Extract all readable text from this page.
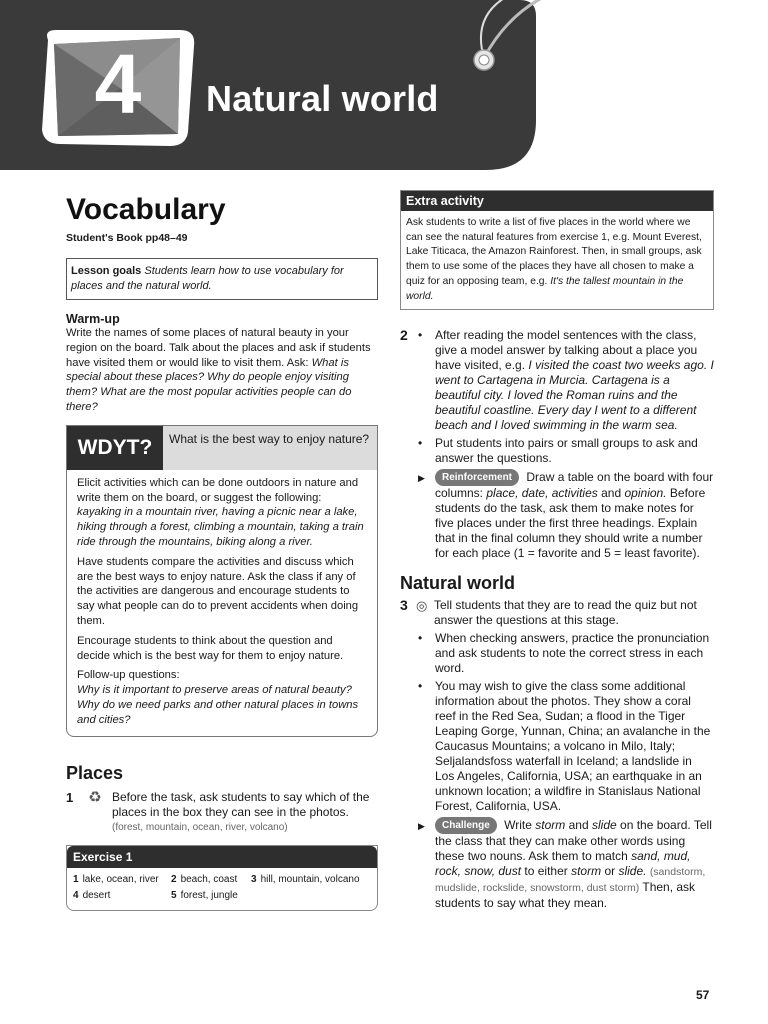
4	Natural world
Vocabulary
Student's Book pp48–49
Lesson goals Students learn how to use vocabulary for places and the natural world.
Warm-up
Write the names of some places of natural beauty in your region on the board. Talk about the places and ask if students have visited them or would like to visit them. Ask: What is special about these places? Why do people enjoy visiting them? What are the most popular activities people can do there?
WDYT?	What is the best way to enjoy nature?
Elicit activities which can be done outdoors in nature and write them on the board, or suggest the following: kayaking in a mountain river, having a picnic near a lake, hiking through a forest, climbing a mountain, taking a train ride through the mountains, biking along a river.
Have students compare the activities and discuss which are the best ways to enjoy nature. Ask the class if any of the activities are dangerous and encourage students to say what people can do to prevent accidents when doing them.
Encourage students to think about the question and decide which is the best way for them to enjoy nature.
Follow-up questions:
Why is it important to preserve areas of natural beauty? Why do we need parks and other natural places in towns and cities?
Places
1	♻ Before the task, ask students to say which of the places in the box they can see in the photos.
(forest, mountain, ocean, river, volcano)
Exercise 1
1 lake, ocean, river	2 beach, coast	3 hill, mountain, volcano
4 desert	5 forest, jungle
Extra activity
Ask students to write a list of five places in the world where we can see the natural features from exercise 1, e.g. Mount Everest, Lake Titicaca, the Amazon Rainforest. Then, in small groups, ask them to use some of the places they have all chosen to make a quiz for an opposing team, e.g. It's the tallest mountain in the world.
2 •	After reading the model sentences with the class, give a model answer by talking about a place you have visited, e.g. I visited the coast two weeks ago. I went to Cartagena in Murcia. Cartagena is a beautiful city. I loved the Roman ruins and the beautiful coastline. Every day I went to a different beach and I loved swimming in the warm sea.
•	Put students into pairs or small groups to ask and answer the questions.
▶	Reinforcement Draw a table on the board with four columns: place, date, activities and opinion. Before students do the task, ask them to make notes for five places under the first three headings. Explain that in the final column they should write a number for each place (1 = favorite and 5 = least favorite).
Natural world
3 ◎ Tell students that they are to read the quiz but not answer the questions at this stage.
•	When checking answers, practice the pronunciation and ask students to note the correct stress in each word.
•	You may wish to give the class some additional information about the photos. They show a coral reef in the Red Sea, Sudan; a flood in the Tiger Leaping Gorge, Yunnan, China; an avalanche in the Caucasus Mountains; a volcano in Milo, Italy; Seljalandsfoss waterfall in Iceland; a landslide in Los Angeles, California, USA; an earthquake in an unknown location; a wildfire in Stanislaus National Forest, California, USA.
▶	Challenge Write storm and slide on the board. Tell the class that they can make other words using these two nouns. Ask them to match sand, mud, rock, snow, dust to either storm or slide. (sandstorm, mudslide, rockslide, snowstorm, dust storm) Then, ask students to say what they mean.
57
